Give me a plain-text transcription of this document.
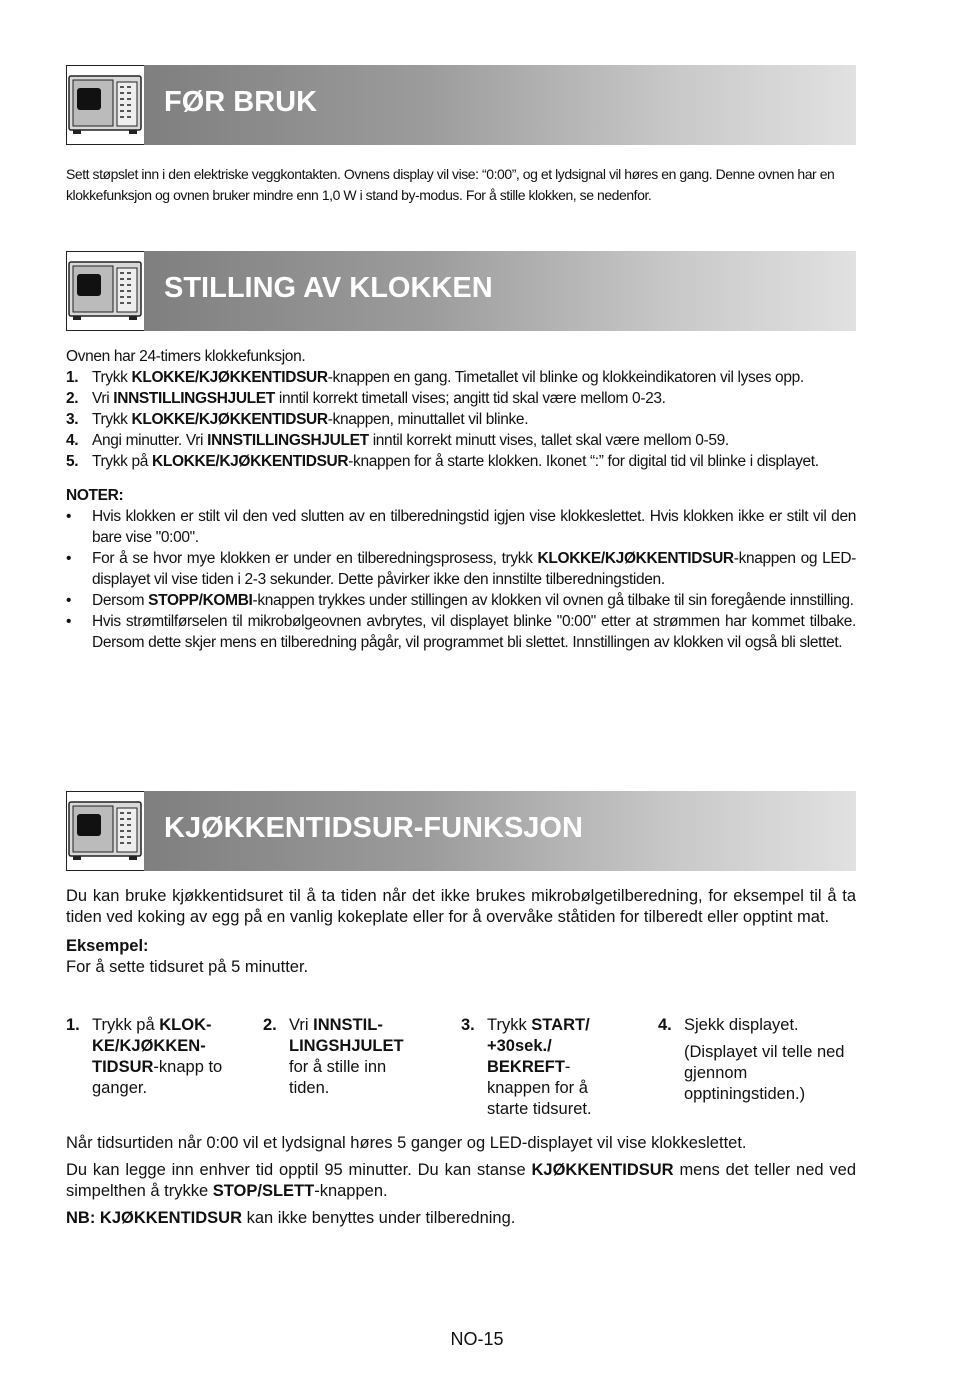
FØR BRUK

Sett støpslet inn i den elektriske veggkontakten. Ovnens display vil vise: “0:00”, og et lydsignal vil høres en gang. Denne ovnen har en klokkefunksjon og ovnen bruker mindre enn 1,0 W i stand by-modus. For å stille klokken, se nedenfor.

STILLING AV KLOKKEN

Ovnen har 24-timers klokkefunksjon.

1. Trykk KLOKKE/KJØKKENTIDSUR-knappen en gang. Timetallet vil blinke og klokkeindikatoren vil lyses opp.
2. Vri INNSTILLINGSHJULET inntil korrekt timetall vises; angitt tid skal være mellom 0-23.
3. Trykk KLOKKE/KJØKKENTIDSUR-knappen, minuttallet vil blinke.
4. Angi minutter. Vri INNSTILLINGSHJULET inntil korrekt minutt vises, tallet skal være mellom 0-59.
5. Trykk på KLOKKE/KJØKKENTIDSUR-knappen for å starte klokken. Ikonet “:” for digital tid vil blinke i displayet.

NOTER:

• Hvis klokken er stilt vil den ved slutten av en tilberedningstid igjen vise klokkeslettet. Hvis klokken ikke er stilt vil den bare vise "0:00".
• For å se hvor mye klokken er under en tilberedningsprosess, trykk KLOKKE/KJØKKENTIDSUR-knappen og LED-displayet vil vise tiden i 2-3 sekunder. Dette påvirker ikke den innstilte tilberedningstiden.
• Dersom STOPP/KOMBI-knappen trykkes under stillingen av klokken vil ovnen gå tilbake til sin foregående innstilling.
• Hvis strømtilførselen til mikrobølgeovnen avbrytes, vil displayet blinke "0:00" etter at strømmen har kommet tilbake. Dersom dette skjer mens en tilberedning pågår, vil programmet bli slettet. Innstillingen av klokken vil også bli slettet.
KJØKKENTIDSUR-FUNKSJON

Du kan bruke kjøkkentidsuret til å ta tiden når det ikke brukes mikrobølgetilberedning, for eksempel til å ta tiden ved koking av egg på en vanlig kokeplate eller for å overvåke ståtiden for tilberedt eller opptint mat.

Eksempel:

For å sette tidsuret på 5 minutter.

1. Trykk på KLOKKE/KJØKKENTIDSUR-knapp to ganger.
2. Vri INNSTILLINGSHJULET for å stille inn tiden.
3. Trykk START/ +30sek./ BEKREFT-knappen for å starte tidsuret.
4. Sjekk displayet.

(Displayet vil telle ned gjennom opptiningstiden.)

Når tidsurtiden når 0:00 vil et lydsignal høres 5 ganger og LED-displayet vil vise klokkeslettet.

Du kan legge inn enhver tid opptil 95 minutter. Du kan stanse KJØKKENTIDSUR mens det teller ned ved simpelthen å trykke STOP/SLETT-knappen.

NB: KJØKKENTIDSUR kan ikke benyttes under tilberedning.

NO-15
